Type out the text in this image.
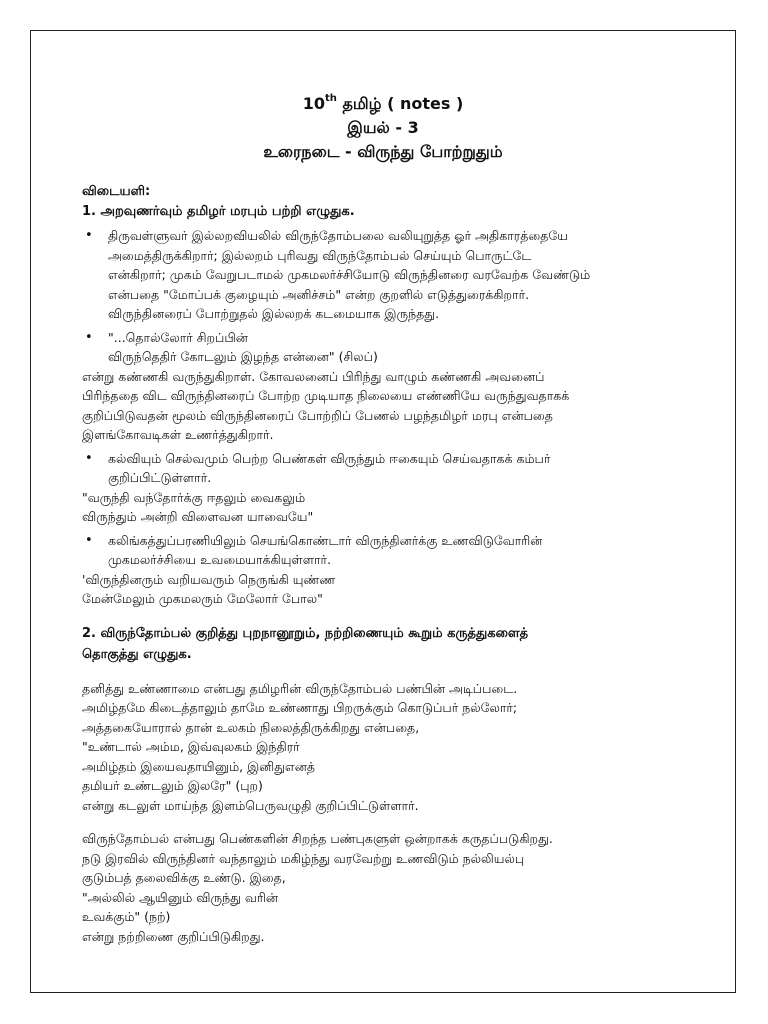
10th தமிழ் ( notes )
இயல் - 3
உரைநடை - விருந்து போற்றுதும்
விடையளி:
1. அறவுணர்வும் தமிழர் மரபும் பற்றி எழுதுக.
• திருவள்ளுவர் இல்லறவியலில் விருந்தோம்பலை வலியுறுத்த ஓர் அதிகாரத்தையே
அமைத்திருக்கிறார்; இல்லறம் புரிவது விருந்தோம்பல் செய்யும் பொருட்டே
என்கிறார்; முகம் வேறுபடாமல் முகமலர்ச்சியோடு விருந்தினரை வரவேற்க வேண்டும்
என்பதை "மோப்பக் குழையும் அனிச்சம்" என்ற குறளில் எடுத்துரைக்கிறார்.
விருந்தினரைப் போற்றுதல் இல்லறக் கடமையாக இருந்தது.
• "...தொல்லோர் சிறப்பின்
விருந்தெதிர் கோடலும் இழந்த என்னை" (சிலப்)
என்று கண்ணகி வருந்துகிறாள். கோவலனைப் பிரிந்து வாழும் கண்ணகி அவனைப்
பிரிந்ததை விட விருந்தினரைப் போற்ற முடியாத நிலையை எண்ணியே வருந்துவதாகக்
குறிப்பிடுவதன் மூலம் விருந்தினரைப் போற்றிப் பேணல் பழந்தமிழர் மரபு என்பதை
இளங்கோவடிகள் உணர்த்துகிறார்.
• கல்வியும் செல்வமும் பெற்ற பெண்கள் விருந்தும் ஈகையும் செய்வதாகக் கம்பர்
குறிப்பிட்டுள்ளார்.
"வருந்தி வந்தோர்க்கு ஈதலும் வைகலும்
விருந்தும் அன்றி விளைவன யாவையே"
• கலிங்கத்துப்பரணியிலும் செயங்கொண்டார் விருந்தினர்க்கு உணவிடுவோரின்
முகமலர்ச்சியை உவமையாக்கியுள்ளார்.
'விருந்தினரும் வறியவரும் நெருங்கி யுண்ண
மேன்மேலும் முகமலரும் மேலோர் போல"
2. விருந்தோம்பல் குறித்து புறநானூறும், நற்றிணையும் கூறும் கருத்துகளைத்
தொகுத்து எழுதுக.
தனித்து உண்ணாமை என்பது தமிழரின் விருந்தோம்பல் பண்பின் அடிப்படை.
அமிழ்தமே கிடைத்தாலும் தாமே உண்ணாது பிறருக்கும் கொடுப்பர் நல்லோர்;
அத்தகையோரால் தான் உலகம் நிலைத்திருக்கிறது என்பதை,
"உண்டால் அம்ம, இவ்வுலகம் இந்திரர்
அமிழ்தம் இயைவதாயினும், இனிதுஎனத்
தமியர் உண்டலும் இலரே" (புற)
என்று கடலுள் மாய்ந்த இளம்பெருவழுதி குறிப்பிட்டுள்ளார்.
விருந்தோம்பல் என்பது பெண்களின் சிறந்த பண்புகளுள் ஒன்றாகக் கருதப்படுகிறது.
நடு இரவில் விருந்தினர் வந்தாலும் மகிழ்ந்து வரவேற்று உணவிடும் நல்லியல்பு
குடும்பத் தலைவிக்கு உண்டு. இதை,
"அல்லில் ஆயினும் விருந்து வரின்
உவக்கும்" (நற்)
என்று நற்றிணை குறிப்பிடுகிறது.
